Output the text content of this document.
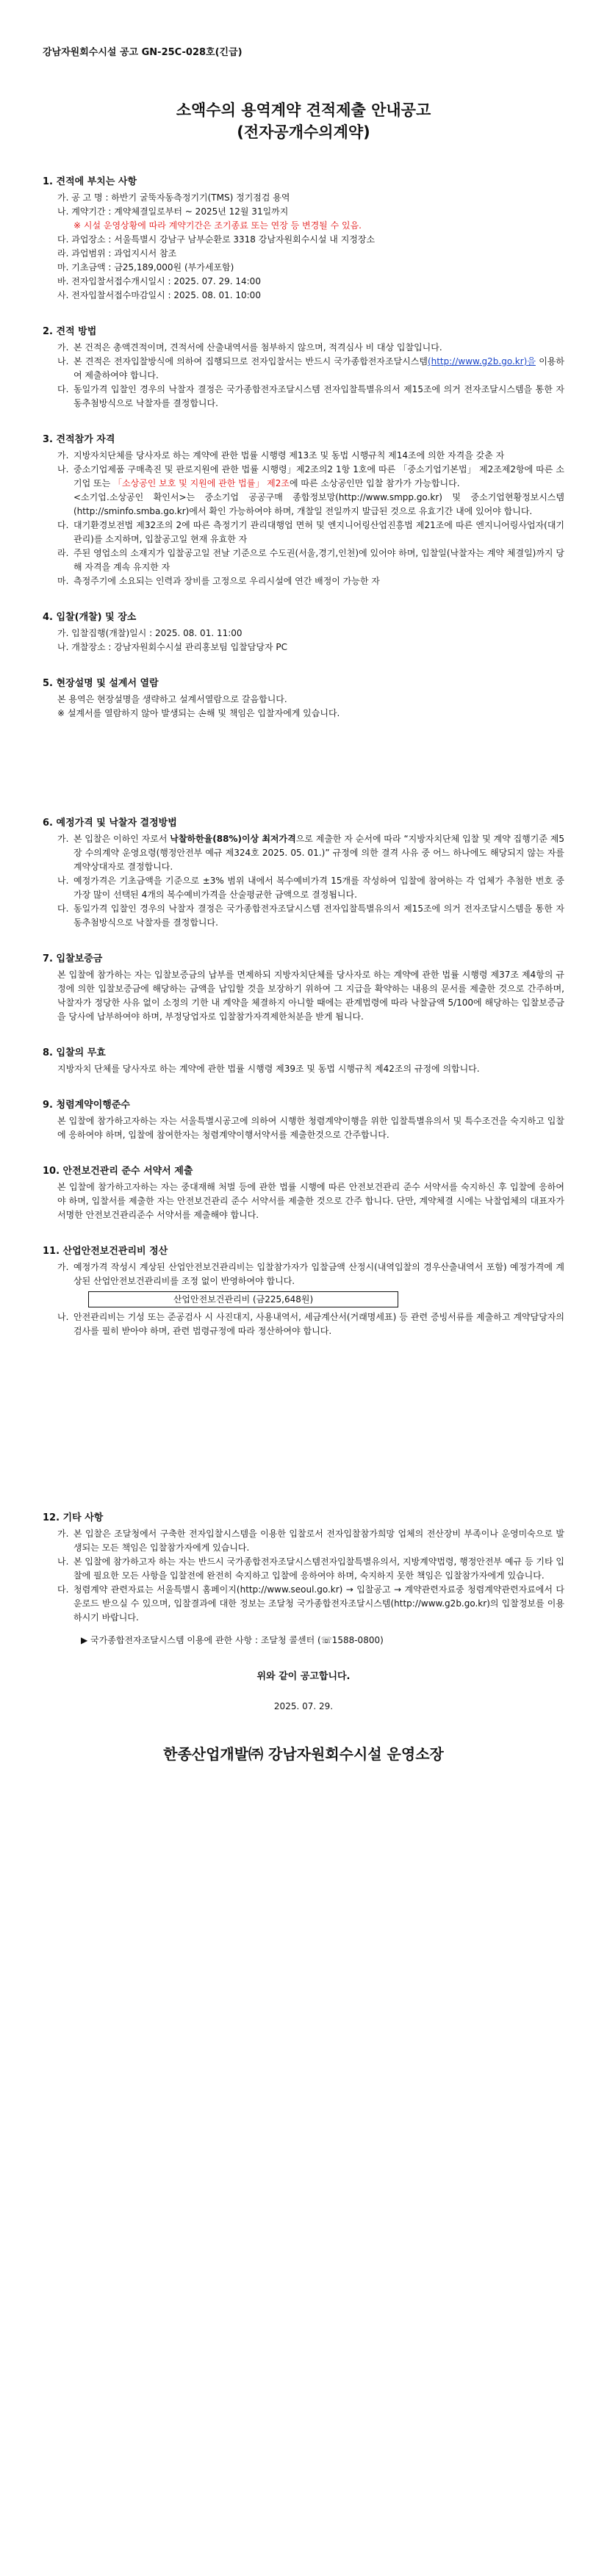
강남자원회수시설 공고 GN-25C-028호(긴급)
소액수의 용역계약 견적제출 안내공고
(전자공개수의계약)
1. 견적에 부치는 사항
가. 공 고 명 : 하반기 굴뚝자동측정기기(TMS) 정기점검 용역
나. 계약기간 : 계약체결일로부터 ~ 2025년 12월 31일까지
※ 시설 운영상황에 따라 계약기간은 조기종료 또는 연장 등 변경될 수 있음.
다. 과업장소 : 서울특별시 강남구 남부순환로 3318 강남자원회수시설 내 지정장소
라. 과업범위 : 과업지시서 참조
마. 기초금액 : 금25,189,000원 (부가세포함)
바. 전자입찰서접수개시일시 : 2025. 07. 29. 14:00
사. 전자입찰서접수마감일시 : 2025. 08. 01. 10:00
2. 견적 방법
가. 본 건적은 총액견적이며, 견적서에 산출내역서를 첨부하지 않으며, 적격심사 비 대상 입찰입니다.
나. 본 견적은 전자입찰방식에 의하여 집행되므로 전자입찰서는 반드시 국가종합전자조달시스템(http://www.g2b.go.kr)을 이용하여 제출하여야 합니다.
다. 동일가격 입찰인 경우의 낙찰자 결정은 국가종합전자조달시스템 전자입찰특별유의서 제15조에 의거 전자조달시스템을 통한 자동추첨방식으로 낙찰자를 결정합니다.
3. 견적참가 자격
가. 지방자치단체를 당사자로 하는 계약에 관한 법률 시행령 제13조 및 동법 시행규칙 제14조에 의한 자격을 갖춘 자
나. 중소기업제품 구매촉진 및 판로지원에 관한 법률 시행령」제2조의2 1항 1호에 따른 「중소기업기본법」 제2조제2항에 따른 소기업 또는 「소상공인 보호 및 지원에 관한 법률」 제2조에 따른 소상공인만 입찰 참가가 가능합니다.
<소기업․소상공인 확인서>는 중소기업 공공구매 종합정보망(http://www.smpp.go.kr) 및 중소기업현황정보시스템(http://sminfo.smba.go.kr)에서 확인 가능하여야 하며, 개찰일 전일까지 발급된 것으로 유효기간 내에 있어야 합니다.
다. 대기환경보전법 제32조의 2에 따른 측정기기 관리대행업 면허 및 엔지니어링산업진흥법 제21조에 따른 엔지니어링사업자(대기관리)를 소지하며, 입찰공고일 현재 유효한 자
라. 주된 영업소의 소재지가 입찰공고일 전날 기준으로 수도권(서울,경기,인천)에 있어야 하며, 입찰일(낙찰자는 계약 체결일)까지 당해 자격을 계속 유지한 자
마. 측정주기에 소요되는 인력과 장비를 고정으로 우리시설에 연간 배정이 가능한 자
4. 입찰(개찰) 및 장소
가. 입찰집행(개찰)일시 : 2025. 08. 01. 11:00
나. 개찰장소 : 강남자원회수시설 관리홍보팀 입찰담당자 PC
5. 현장설명 및 설계서 열람
본 용역은 현장설명을 생략하고 설계서열람으로 갈음합니다.
※ 설계서를 열람하지 않아 발생되는 손해 및 책임은 입찰자에게 있습니다.
6. 예정가격 및 낙찰자 결정방법
가. 본 입찰은 이하인 자로서 낙찰하한율(88%)이상 최저가격으로 제출한 자 순서에 따라 “지방자치단체 입찰 및 계약 집행기준 제5장 수의계약 운영요령(행정안전부 예규 제324호 2025. 05. 01.)” 규정에 의한 결격 사유 중 어느 하나에도 해당되지 않는 자를 계약상대자로 결정합니다.
나. 예정가격은 기초금액을 기준으로 ±3% 범위 내에서 복수예비가격 15개를 작성하여 입찰에 참여하는 각 업체가 추첨한 번호 중 가장 많이 선택된 4개의 복수예비가격을 산술평균한 금액으로 결정됩니다.
다. 동일가격 입찰인 경우의 낙찰자 결정은 국가종합전자조달시스템 전자입찰특별유의서 제15조에 의거 전자조달시스템을 통한 자동추첨방식으로 낙찰자를 결정합니다.
7. 입찰보증금
본 입찰에 참가하는 자는 입찰보증금의 납부를 면제하되 지방자치단체를 당사자로 하는 계약에 관한 법률 시행령 제37조 제4항의 규정에 의한 입찰보증금에 해당하는 금액을 납입할 것을 보장하기 위하여 그 지급을 확약하는 내용의 문서를 제출한 것으로 간주하며, 낙찰자가 정당한 사유 없이 소정의 기한 내 계약을 체결하지 아니할 때에는 관계법령에 따라 낙찰금액 5/100에 해당하는 입찰보증금을 당사에 납부하여야 하며, 부정당업자로 입찰참가자격제한처분을 받게 됩니다.
8. 입찰의 무효
지방자치 단체를 당사자로 하는 계약에 관한 법률 시행령 제39조 및 동법 시행규칙 제42조의 규정에 의합니다.
9. 청렴계약이행준수
본 입찰에 참가하고자하는 자는 서울특별시공고에 의하여 시행한 청렴계약이행을 위한 입찰특별유의서 및 특수조건을 숙지하고 입찰에 응하여야 하며, 입찰에 참여한자는 청렴계약이행서약서를 제출한것으로 간주합니다.
10. 안전보건관리 준수 서약서 제출
본 입찰에 참가하고자하는 자는 중대재해 처벌 등에 관한 법률 시행에 따른 안전보건관리 준수 서약서를 숙지하신 후 입찰에 응하여야 하며, 입찰서를 제출한 자는 안전보건관리 준수 서약서를 제출한 것으로 간주 합니다. 단만, 계약체결 시에는 낙찰업체의 대표자가 서명한 안전보건관리준수 서약서를 제출해야 합니다.
11. 산업안전보건관리비 정산
가. 예정가격 작성시 계상된 산업안전보건관리비는 입찰참가자가 입찰금액 산정시(내역입찰의 경우산출내역서 포함) 예정가격에 계상된 산업안전보건관리비를 조정 없이 반영하여야 합니다.
산업안전보건관리비 (금225,648원)
나. 안전관리비는 기성 또는 준공검사 시 사진대지, 사용내역서, 세금계산서(거래명세표) 등 관련 증빙서류를 제출하고 계약담당자의 검사를 필히 받아야 하며, 관련 법령규정에 따라 정산하여야 합니다.
12. 기타 사항
가. 본 입찰은 조달청에서 구축한 전자입찰시스템을 이용한 입찰로서 전자입찰참가희망 업체의 전산장비 부족이나 운영미숙으로 발생되는 모든 책임은 입찰참가자에게 있습니다.
나. 본 입찰에 참가하고자 하는 자는 반드시 국가종합전자조달시스템전자입찰특별유의서, 지방계약법령, 행정안전부 예규 등 기타 입찰에 필요한 모든 사항을 입찰전에 완전히 숙지하고 입찰에 응하여야 하며, 숙지하지 못한 책임은 입찰참가자에게 있습니다.
다. 청렴계약 관련자료는 서울특별시 홈페이지(http://www.seoul.go.kr) → 입찰공고 → 계약관련자료중 청렴계약관련자료에서 다운로드 받으실 수 있으며, 입찰결과에 대한 정보는 조달청 국가종합전자조달시스템(http://www.g2b.go.kr)의 입찰정보를 이용하시기 바랍니다.
▶ 국가종합전자조달시스템 이용에 관한 사항 : 조달청 콜센터 (☏1588-0800)
위와 같이 공고합니다.
2025. 07. 29.
한종산업개발㈜ 강남자원회수시설 운영소장
